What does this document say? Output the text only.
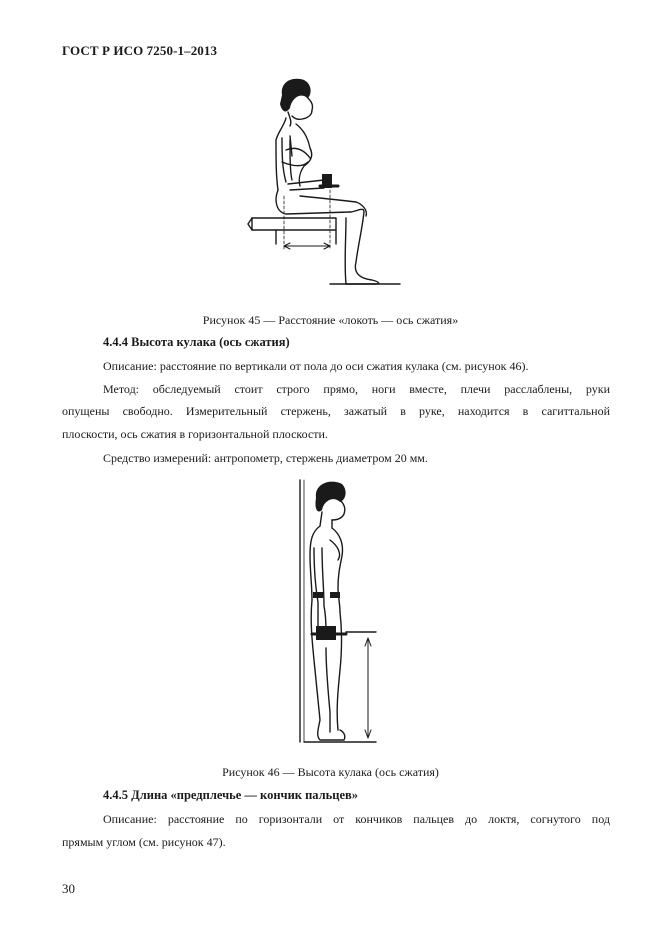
ГОСТ Р ИСО 7250-1–2013
Рисунок 45 — Расстояние «локоть — ось сжатия»
4.4.4 Высота кулака (ось сжатия)
Описание: расстояние по вертикали от пола до оси сжатия кулака (см. рисунок 46).
Метод: обследуемый стоит строго прямо, ноги вместе, плечи расслаблены, руки
опущены свободно. Измерительный стержень, зажатый в руке, находится в сагиттальной
плоскости, ось сжатия в горизонтальной плоскости.
Средство измерений: антропометр, стержень диаметром 20 мм.
Рисунок 46 — Высота кулака (ось сжатия)
4.4.5 Длина «предплечье — кончик пальцев»
Описание: расстояние по горизонтали от кончиков пальцев до локтя, согнутого под
прямым углом (см. рисунок 47).
30
